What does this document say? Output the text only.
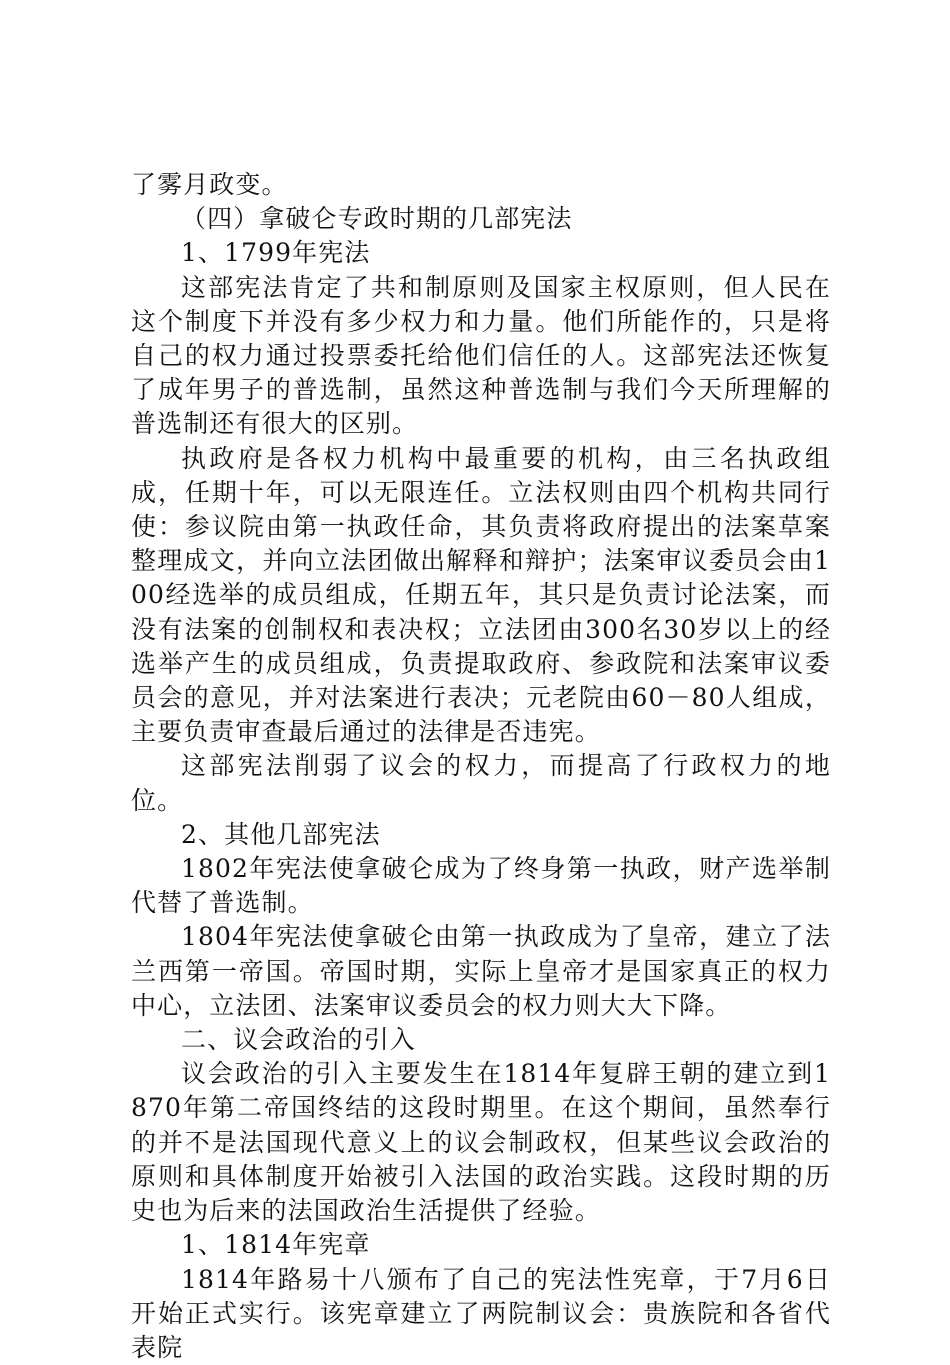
了雾月政变。

（四）拿破仑专政时期的几部宪法

1、1799年宪法

这部宪法肯定了共和制原则及国家主权原则，但人民在这个制度下并没有多少权力和力量。他们所能作的，只是将自己的权力通过投票委托给他们信任的人。这部宪法还恢复了成年男子的普选制，虽然这种普选制与我们今天所理解的普选制还有很大的区别。

执政府是各权力机构中最重要的机构，由三名执政组成，任期十年，可以无限连任。立法权则由四个机构共同行使：参议院由第一执政任命，其负责将政府提出的法案草案整理成文，并向立法团做出解释和辩护；法案审议委员会由100经选举的成员组成，任期五年，其只是负责讨论法案，而没有法案的创制权和表决权；立法团由300名30岁以上的经选举产生的成员组成，负责提取政府、参政院和法案审议委员会的意见，并对法案进行表决；元老院由60－80人组成，主要负责审查最后通过的法律是否违宪。

这部宪法削弱了议会的权力，而提高了行政权力的地位。

2、其他几部宪法

1802年宪法使拿破仑成为了终身第一执政，财产选举制代替了普选制。

1804年宪法使拿破仑由第一执政成为了皇帝，建立了法兰西第一帝国。帝国时期，实际上皇帝才是国家真正的权力中心，立法团、法案审议委员会的权力则大大下降。

二、议会政治的引入

议会政治的引入主要发生在1814年复辟王朝的建立到1870年第二帝国终结的这段时期里。在这个期间，虽然奉行的并不是法国现代意义上的议会制政权，但某些议会政治的原则和具体制度开始被引入法国的政治实践。这段时期的历史也为后来的法国政治生活提供了经验。

1、1814年宪章

1814年路易十八颁布了自己的宪法性宪章，于7月6日开始正式实行。该宪章建立了两院制议会：贵族院和各省代表院
